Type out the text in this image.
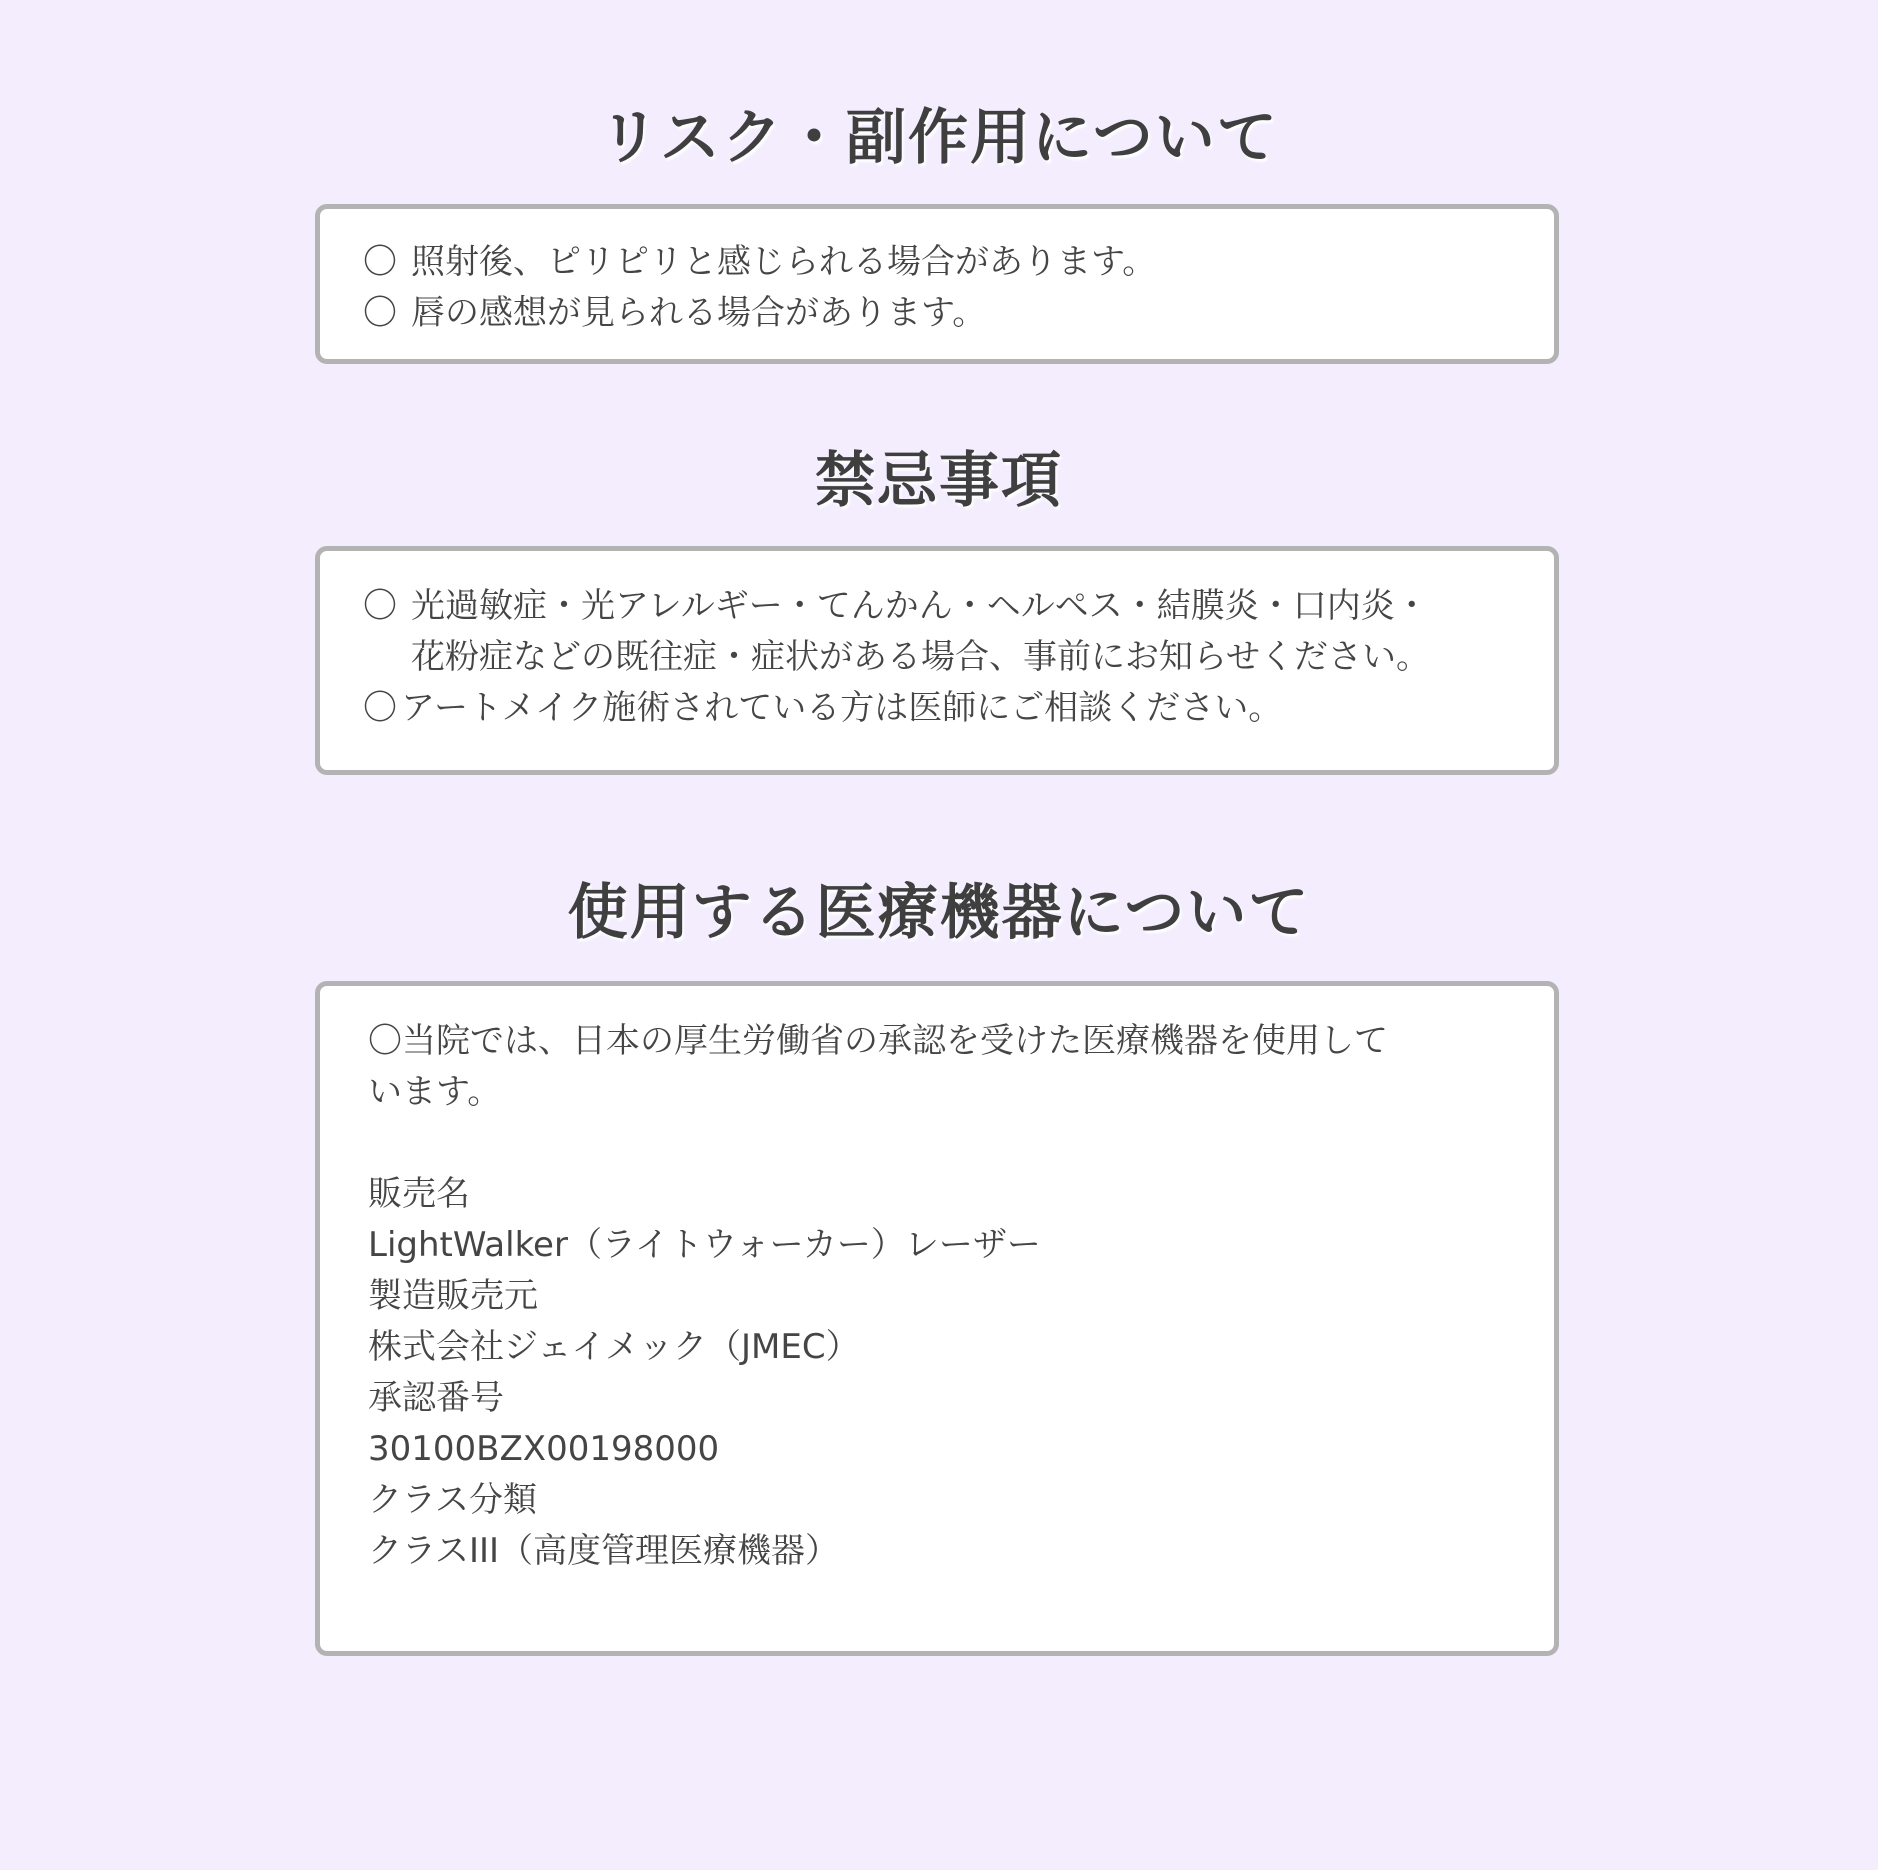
リスク・副作用について
〇 照射後、ピリピリと感じられる場合があります。
〇 唇の感想が見られる場合があります。
禁忌事項
〇 光過敏症・光アレルギー・てんかん・ヘルペス・結膜炎・口内炎・
花粉症などの既往症・症状がある場合、事前にお知らせください。
〇 アートメイク施術されている方は医師にご相談ください。
使用する医療機器について
〇当院では、日本の厚生労働省の承認を受けた医療機器を使用して
います。
販売名
LightWalker（ライトウォーカー）レーザー
製造販売元
株式会社ジェイメック（JMEC）
承認番号
30100BZX00198000
クラス分類
クラスIII（高度管理医療機器）
